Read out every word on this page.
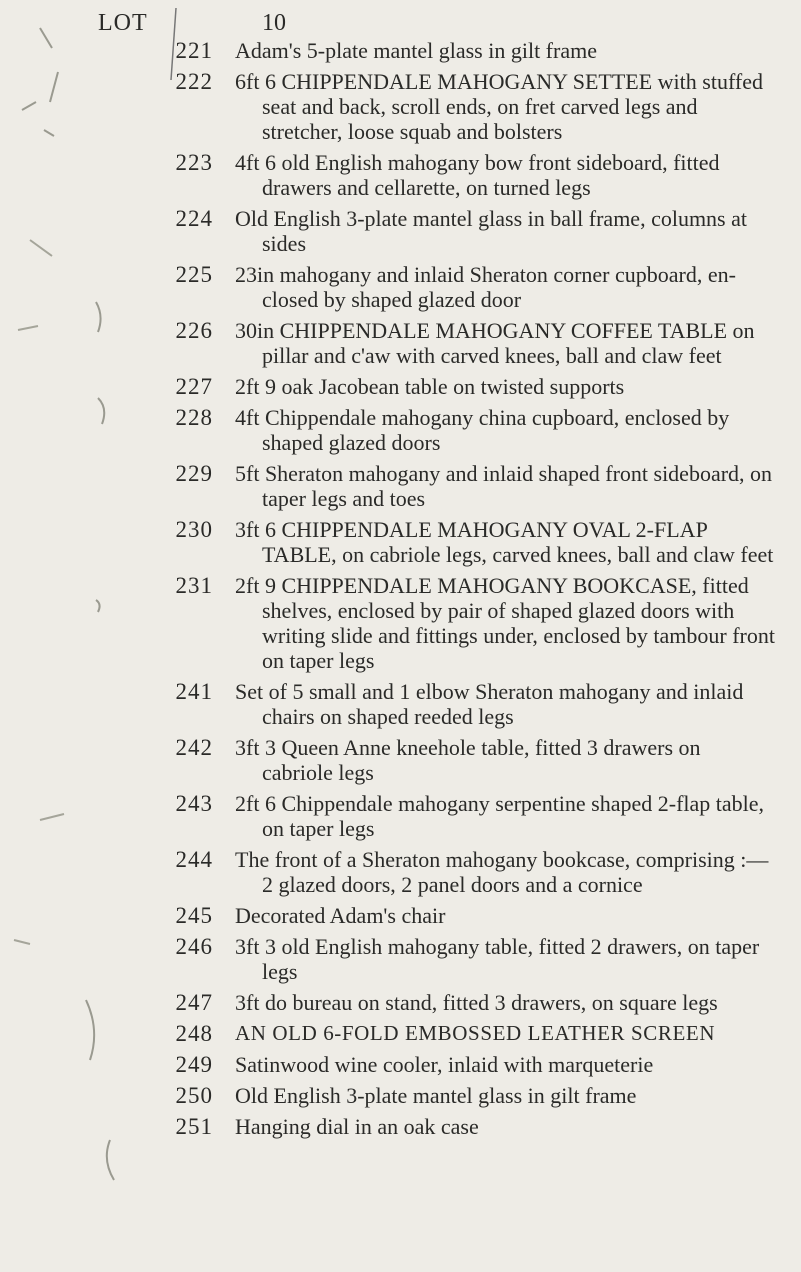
LOT	10
221	Adam's 5-plate mantel glass in gilt frame
222	6ft 6 CHIPPENDALE MAHOGANY SETTEE with stuffed seat and back, scroll ends, on fret carved legs and stretcher, loose squab and bolsters
223	4ft 6 old English mahogany bow front sideboard, fitted drawers and cellarette, on turned legs
224	Old English 3-plate mantel glass in ball frame, columns at sides
225	23in mahogany and inlaid Sheraton corner cupboard, en- closed by shaped glazed door
226	30in CHIPPENDALE MAHOGANY COFFEE TABLE on pillar and c'aw with carved knees, ball and claw feet
227	2ft 9 oak Jacobean table on twisted supports
228	4ft Chippendale mahogany china cupboard, enclosed by shaped glazed doors
229	5ft Sheraton mahogany and inlaid shaped front sideboard, on taper legs and toes
230	3ft 6 CHIPPENDALE MAHOGANY OVAL 2-FLAP TABLE, on cabriole legs, carved knees, ball and claw feet
231	2ft 9 CHIPPENDALE MAHOGANY BOOKCASE, fitted shelves, enclosed by pair of shaped glazed doors with writing slide and fittings under, enclosed by tambour front on taper legs
241	Set of 5 small and 1 elbow Sheraton mahogany and inlaid chairs on shaped reeded legs
242	3ft 3 Queen Anne kneehole table, fitted 3 drawers on cabriole legs
243	2ft 6 Chippendale mahogany serpentine shaped 2-flap table, on taper legs
244	The front of a Sheraton mahogany bookcase, comprising :— 2 glazed doors, 2 panel doors and a cornice
245	Decorated Adam's chair
246	3ft 3 old English mahogany table, fitted 2 drawers, on taper legs
247	3ft do bureau on stand, fitted 3 drawers, on square legs
248	AN OLD 6-FOLD EMBOSSED LEATHER SCREEN
249	Satinwood wine cooler, inlaid with marqueterie
250	Old English 3-plate mantel glass in gilt frame
251	Hanging dial in an oak case
